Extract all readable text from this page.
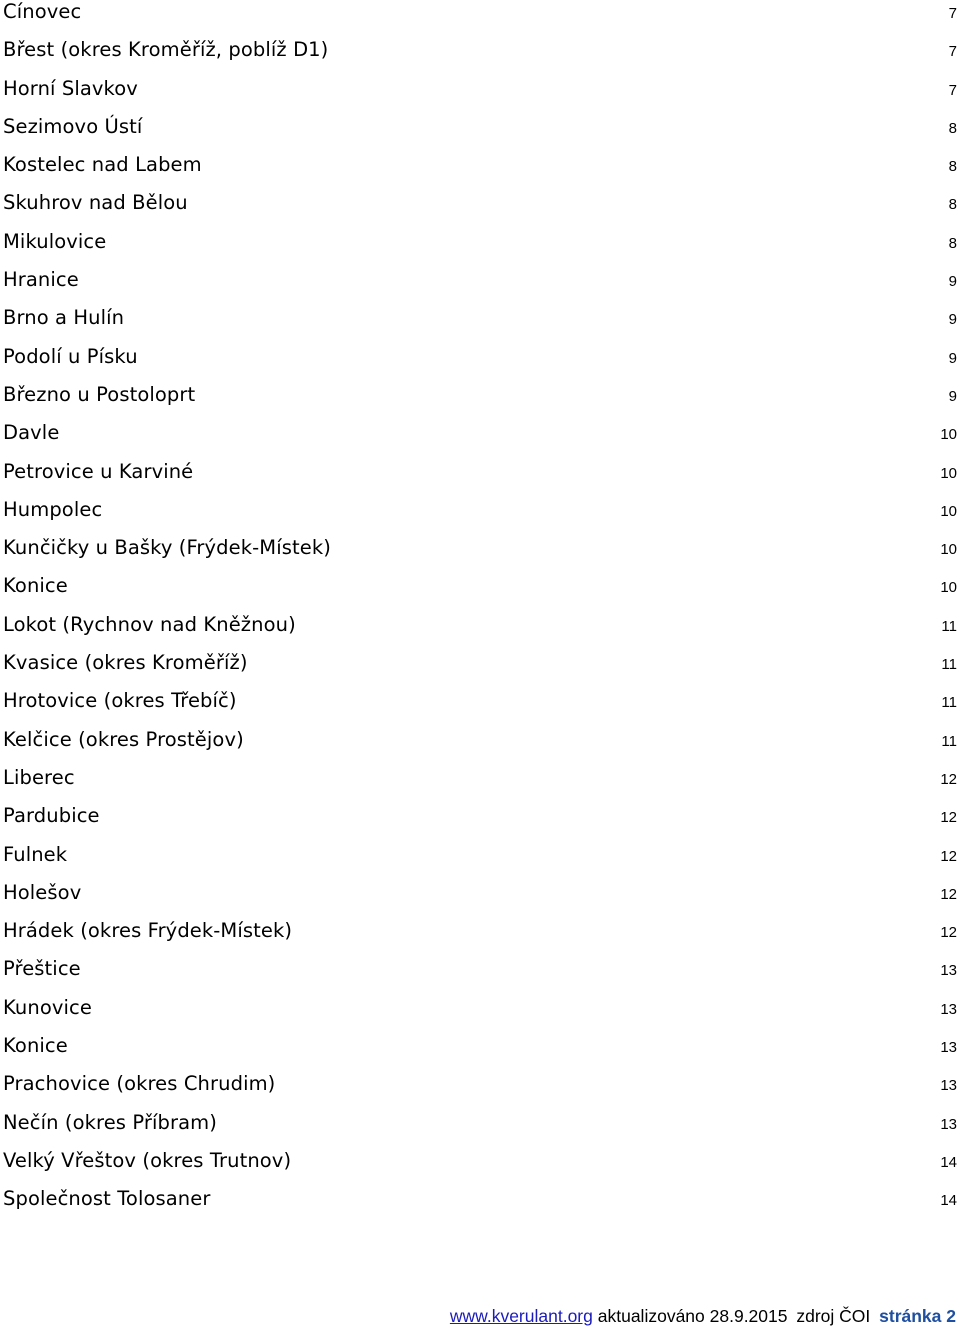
Cínovec	7
Břest (okres Kroměříž, poblíž D1)	7
Horní Slavkov	7
Sezimovo Ústí	8
Kostelec nad Labem	8
Skuhrov nad Bělou	8
Mikulovice	8
Hranice	9
Brno a Hulín	9
Podolí u Písku	9
Březno u Postoloprt	9
Davle	10
Petrovice u Karviné	10
Humpolec	10
Kunčičky u Bašky (Frýdek-Místek)	10
Konice	10
Lokot (Rychnov nad Kněžnou)	11
Kvasice (okres Kroměříž)	11
Hrotovice (okres Třebíč)	11
Kelčice (okres Prostějov)	11
Liberec	12
Pardubice	12
Fulnek	12
Holešov	12
Hrádek (okres Frýdek-Místek)	12
Přeštice	13
Kunovice	13
Konice	13
Prachovice (okres Chrudim)	13
Nečín (okres Příbram)	13
Velký Vřeštov (okres Trutnov)	14
Společnost Tolosaner	14
www.kverulant.org aktualizováno 28.9.2015 zdroj ČOI stránka 2
